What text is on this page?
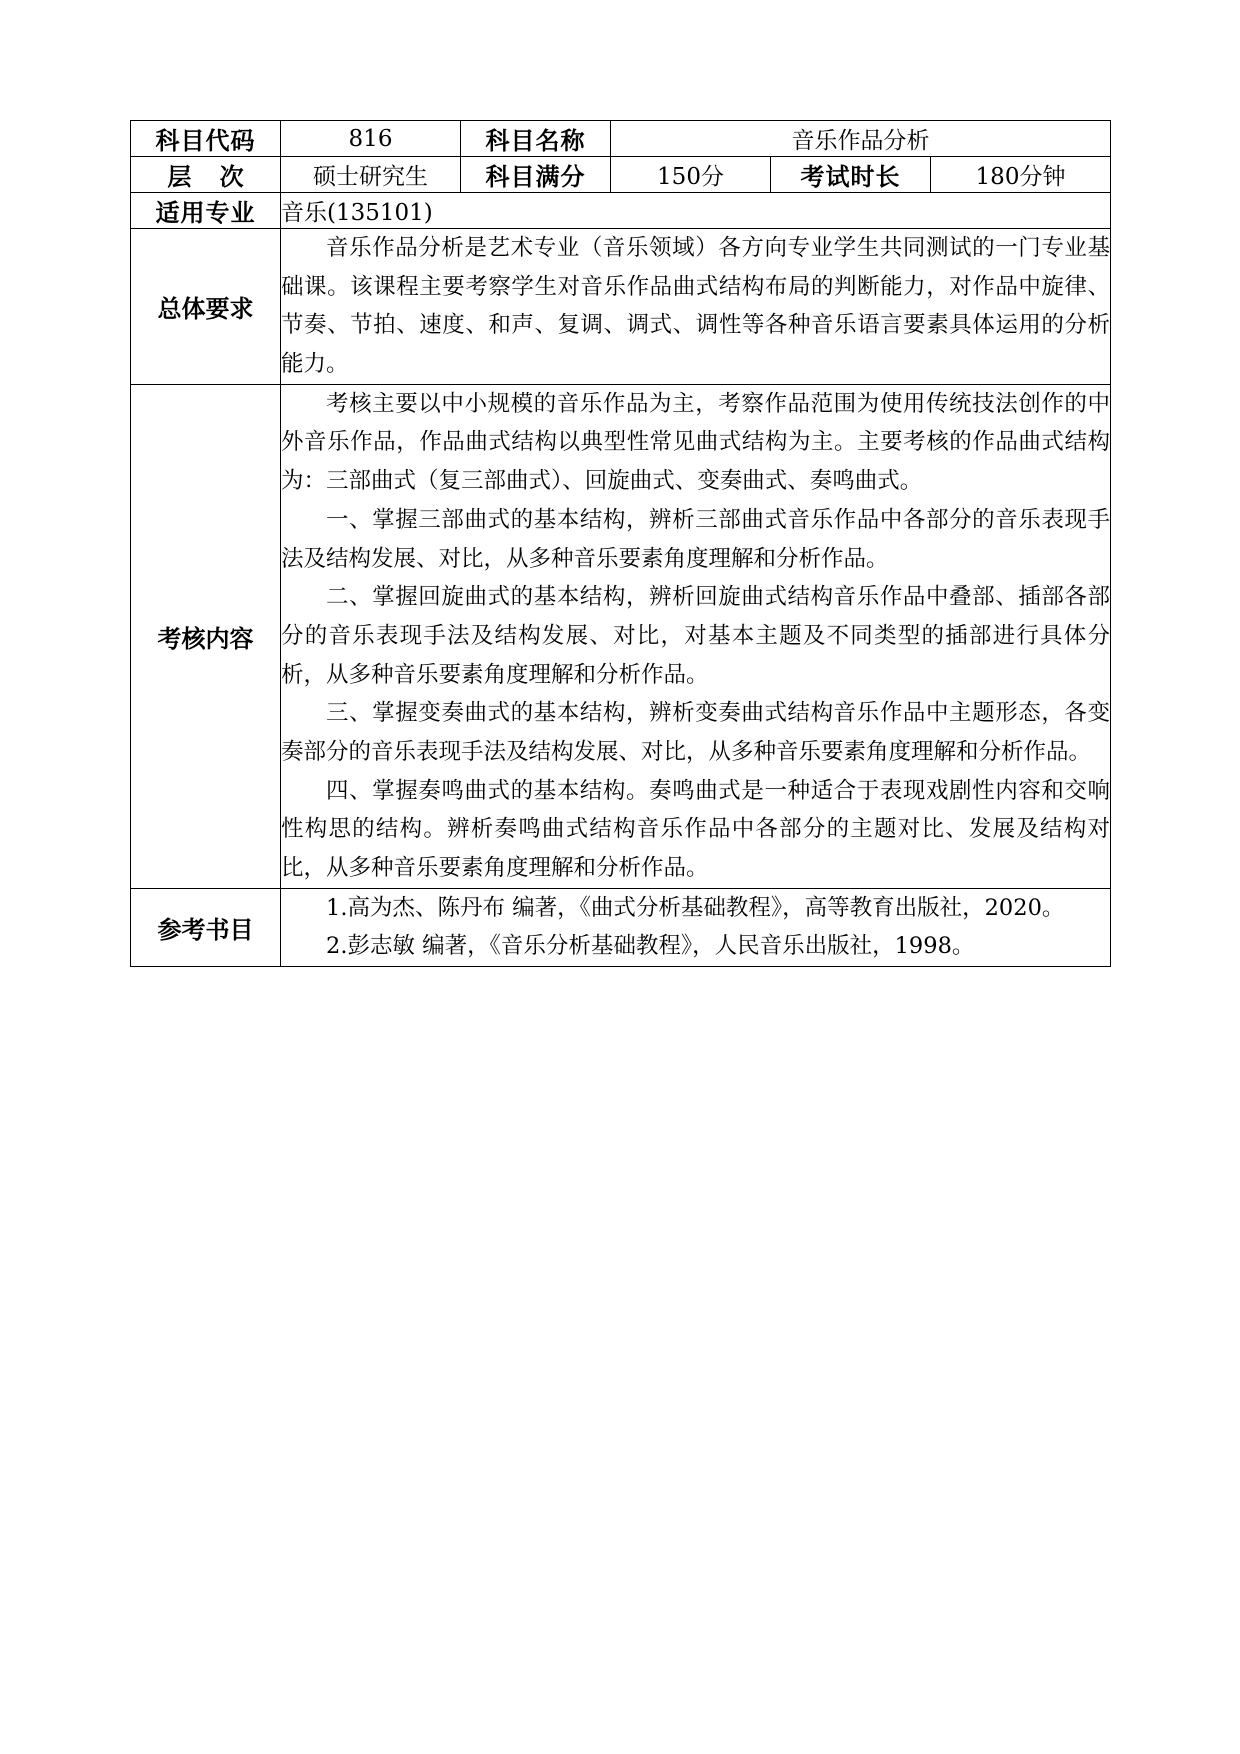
科目代码	816	科目名称	音乐作品分析		
层 次	硕士研究生	科目满分	150分	考试时长	180分钟
适用专业	音乐(135101)				
总体要求	音乐作品分析是艺术专业（音乐领域）各方向专业学生共同测试的一门专业基础课。该课程主要考察学生对音乐作品曲式结构布局的判断能力，对作品中旋律、节奏、节拍、速度、和声、复调、调式、调性等各种音乐语言要素具体运用的分析能力。				

考核内容	考核主要以中小规模的音乐作品为主，考察作品范围为使用传统技法创作的中外音乐作品，作品曲式结构以典型性常见曲式结构为主。主要考核的作品曲式结构为：三部曲式（复三部曲式）、回旋曲式、变奏曲式、奏鸣曲式。

一、掌握三部曲式的基本结构，辨析三部曲式音乐作品中各部分的音乐表现手法及结构发展、对比，从多种音乐要素角度理解和分析作品。

二、掌握回旋曲式的基本结构，辨析回旋曲式结构音乐作品中叠部、插部各部分的音乐表现手法及结构发展、对比，对基本主题及不同类型的插部进行具体分析，从多种音乐要素角度理解和分析作品。

三、掌握变奏曲式的基本结构，辨析变奏曲式结构音乐作品中主题形态，各变奏部分的音乐表现手法及结构发展、对比，从多种音乐要素角度理解和分析作品。

四、掌握奏鸣曲式的基本结构。奏鸣曲式是一种适合于表现戏剧性内容和交响性构思的结构。辨析奏鸣曲式结构音乐作品中各部分的主题对比、发展及结构对比，从多种音乐要素角度理解和分析作品。				

参考书目	1.高为杰、陈丹布 编著，《曲式分析基础教程》，高等教育出版社，2020。

2.彭志敏 编著，《音乐分析基础教程》，人民音乐出版社，1998。				
